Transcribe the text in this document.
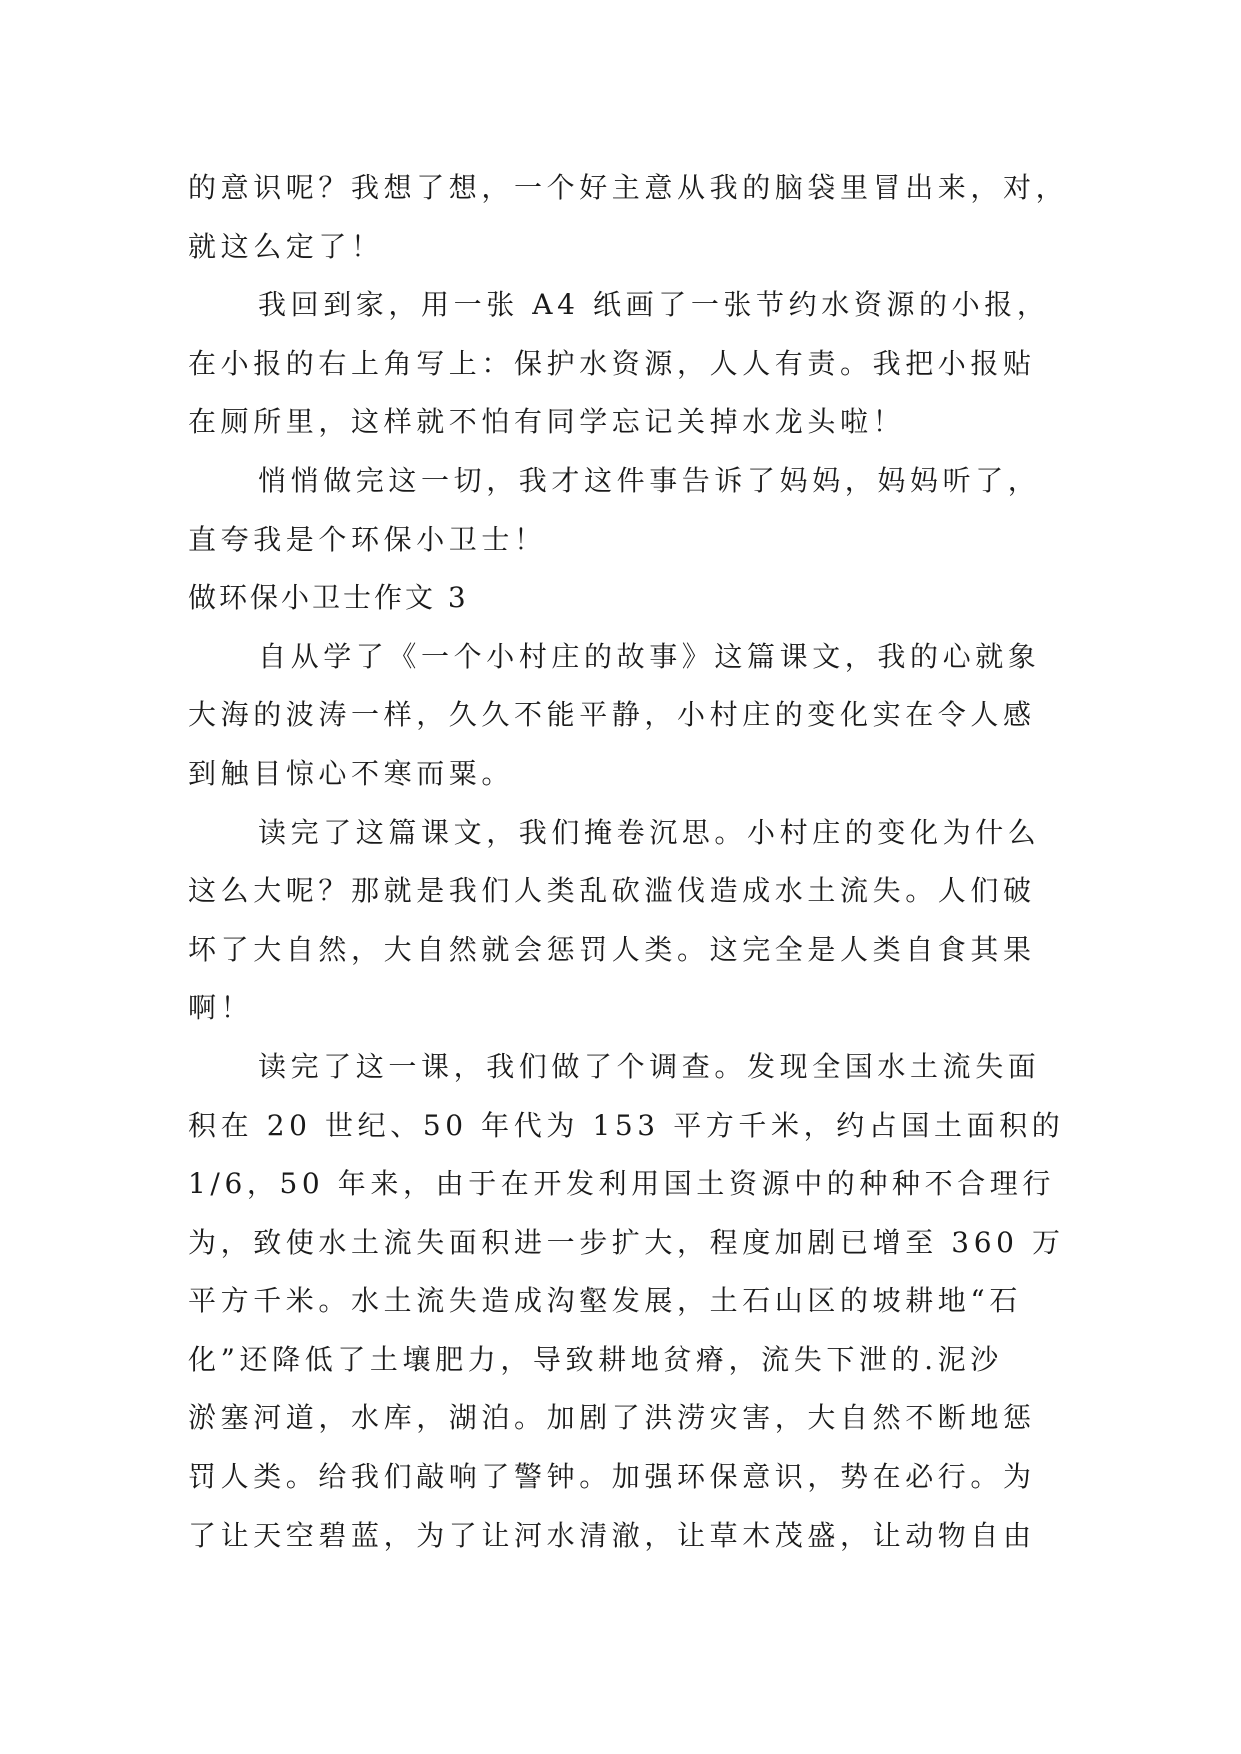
的意识呢？我想了想，一个好主意从我的脑袋里冒出来，对，
就这么定了！
我回到家，用一张 A4 纸画了一张节约水资源的小报，
在小报的右上角写上：保护水资源，人人有责。我把小报贴
在厕所里，这样就不怕有同学忘记关掉水龙头啦！
悄悄做完这一切，我才这件事告诉了妈妈，妈妈听了，
直夸我是个环保小卫士！
做环保小卫士作文 3
自从学了《一个小村庄的故事》这篇课文，我的心就象
大海的波涛一样，久久不能平静，小村庄的变化实在令人感
到触目惊心不寒而粟。
读完了这篇课文，我们掩卷沉思。小村庄的变化为什么
这么大呢？那就是我们人类乱砍滥伐造成水土流失。人们破
坏了大自然，大自然就会惩罚人类。这完全是人类自食其果
啊！
读完了这一课，我们做了个调查。发现全国水土流失面
积在 20 世纪、50 年代为 153 平方千米，约占国土面积的
1/6，50 年来，由于在开发利用国土资源中的种种不合理行
为，致使水土流失面积进一步扩大，程度加剧已增至 360 万
平方千米。水土流失造成沟壑发展，土石山区的坡耕地“石
化”还降低了土壤肥力，导致耕地贫瘠，流失下泄的.泥沙
淤塞河道，水库，湖泊。加剧了洪涝灾害，大自然不断地惩
罚人类。给我们敲响了警钟。加强环保意识，势在必行。为
了让天空碧蓝，为了让河水清澈，让草木茂盛，让动物自由
